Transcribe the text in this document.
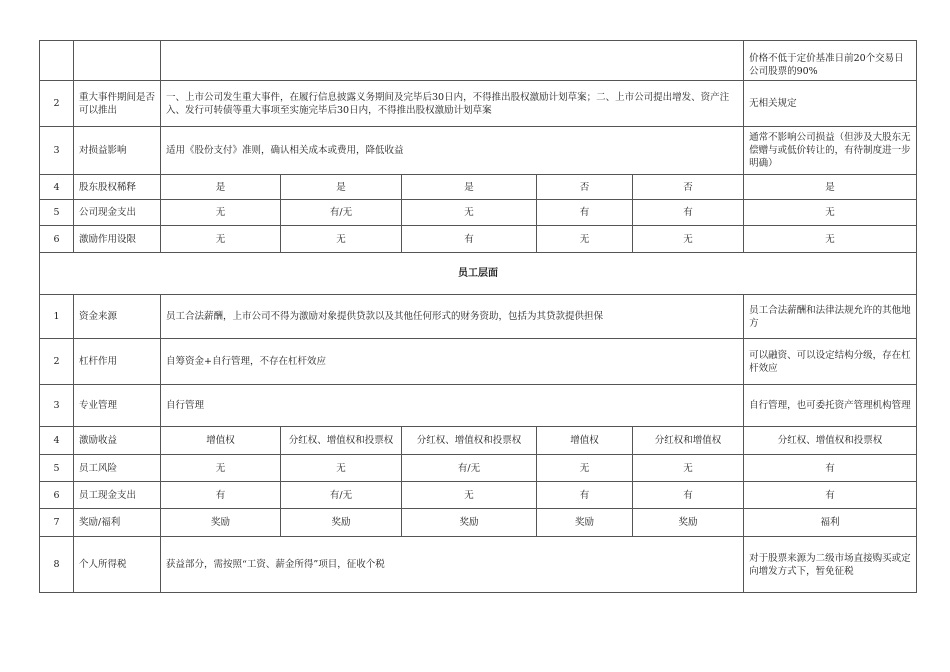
							价格不低于定价基准日前20个交易日公司股票的90%
2	重大事件期间是否可以推出	一、上市公司发生重大事件，在履行信息披露义务期间及完毕后30日内，不得推出股权激励计划草案；二、上市公司提出增发、资产注入、发行可转债等重大事项至实施完毕后30日内，不得推出股权激励计划草案					无相关规定
3	对损益影响	适用《股份支付》准则，确认相关成本或费用，降低收益					通常不影响公司损益（但涉及大股东无偿赠与或低价转让的，有待制度进一步明确）
4	股东股权稀释	是	是	是	否	否	是
5	公司现金支出	无	有/无	无	有	有	无
6	激励作用设限	无	无	有	无	无	无
员工层面							
1	资金来源	员工合法薪酬，上市公司不得为激励对象提供贷款以及其他任何形式的财务资助，包括为其贷款提供担保					员工合法薪酬和法律法规允许的其他地方
2	杠杆作用	自筹资金+自行管理，不存在杠杆效应					可以融资、可以设定结构分级，存在杠杆效应
3	专业管理	自行管理					自行管理，也可委托资产管理机构管理
4	激励收益	增值权	分红权、增值权和投票权	分红权、增值权和投票权	增值权	分红权和增值权	分红权、增值权和投票权
5	员工风险	无	无	有/无	无	无	有
6	员工现金支出	有	有/无	无	有	有	有
7	奖励/福利	奖励	奖励	奖励	奖励	奖励	福利
8	个人所得税	获益部分，需按照“工资、薪金所得”项目，征收个税					对于股票来源为二级市场直接购买或定向增发方式下，暂免征税
